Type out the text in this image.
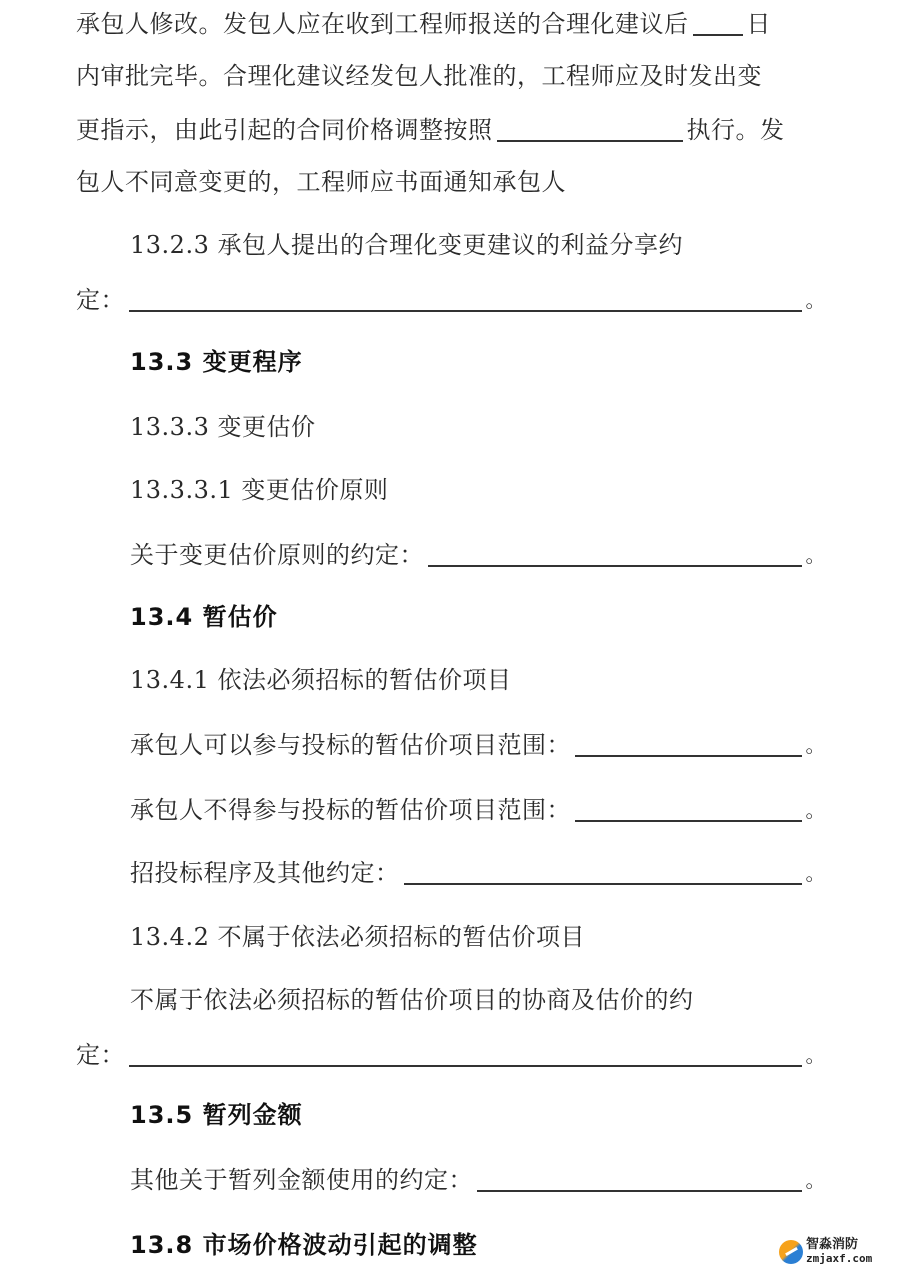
承包人修改。发包人应在收到工程师报送的合理化建议后 日
内审批完毕。合理化建议经发包人批准的，工程师应及时发出变
更指示，由此引起的合同价格调整按照	执行。发
包人不同意变更的，工程师应书面通知承包人
13.2.3 承包人提出的合理化变更建议的利益分享约
定：	。
13.3 变更程序
13.3.3 变更估价
13.3.3.1 变更估价原则
关于变更估价原则的约定：	。
13.4 暂估价
13.4.1 依法必须招标的暂估价项目
承包人可以参与投标的暂估价项目范围：	。
承包人不得参与投标的暂估价项目范围：	。
招投标程序及其他约定：	。
13.4.2 不属于依法必须招标的暂估价项目
不属于依法必须招标的暂估价项目的协商及估价的约
定：	。
13.5 暂列金额
其他关于暂列金额使用的约定：	。
13.8 市场价格波动引起的调整	智淼消防
zmjaxf.com
